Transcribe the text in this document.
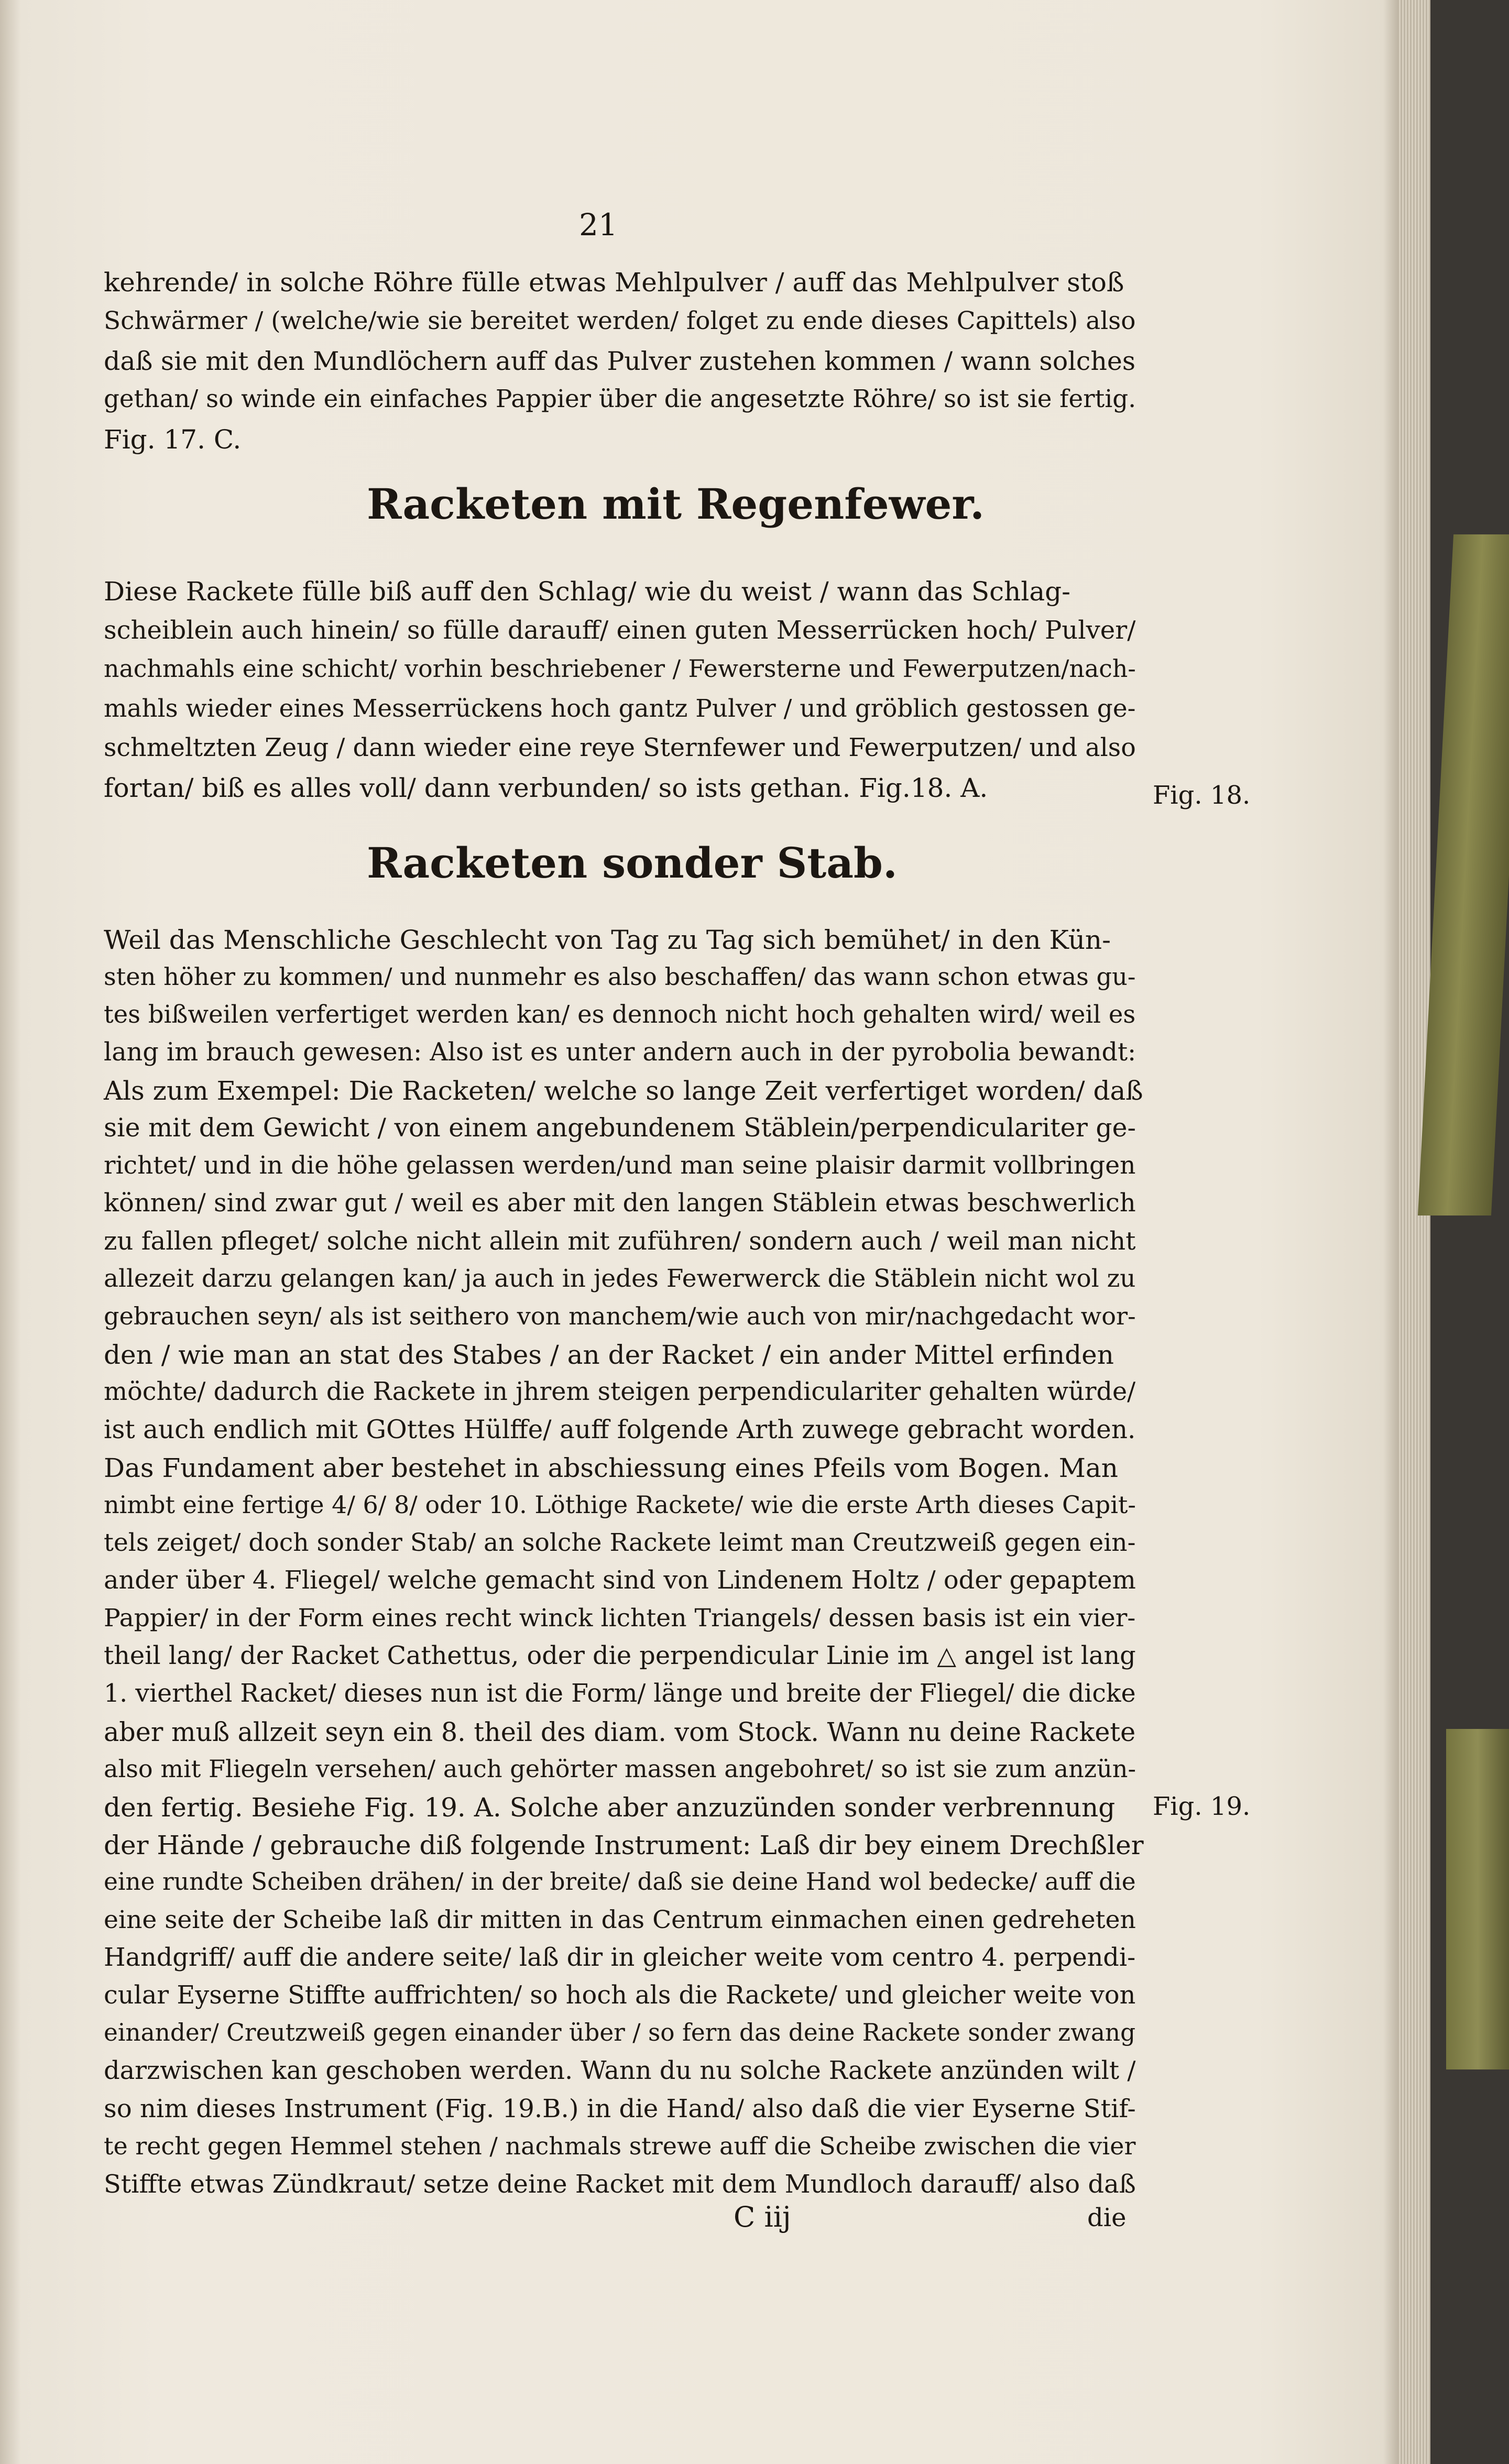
21
kehrende/ in solche Röhre fülle etwas Mehlpulver / auff das Mehlpulver stoß
Schwärmer / (welche/wie sie bereitet werden/ folget zu ende dieses Capittels) also
daß sie mit den Mundlöchern auff das Pulver zustehen kommen / wann solches
gethan/ so winde ein einfaches Pappier über die angesetzte Röhre/ so ist sie fertig.
Fig. 17. C.
Racketen mit Regenfewer.
Diese Rackete fülle biß auff den Schlag/ wie du weist / wann das Schlag-
scheiblein auch hinein/ so fülle darauff/ einen guten Messerrücken hoch/ Pulver/
nachmahls eine schicht/ vorhin beschriebener / Fewersterne und Fewerputzen/nach-
mahls wieder eines Messerrückens hoch gantz Pulver / und gröblich gestossen ge-
schmeltzten Zeug / dann wieder eine reye Sternfewer und Fewerputzen/ und also
fortan/ biß es alles voll/ dann verbunden/ so ists gethan. Fig.18. A.
Racketen sonder Stab.
Weil das Menschliche Geschlecht von Tag zu Tag sich bemühet/ in den Kün-
sten höher zu kommen/ und nunmehr es also beschaffen/ das wann schon etwas gu-
tes bißweilen verfertiget werden kan/ es dennoch nicht hoch gehalten wird/ weil es
lang im brauch gewesen: Also ist es unter andern auch in der pyrobolia bewandt:
Als zum Exempel: Die Racketen/ welche so lange Zeit verfertiget worden/ daß
sie mit dem Gewicht / von einem angebundenem Stäblein/perpendiculariter ge-
richtet/ und in die höhe gelassen werden/und man seine plaisir darmit vollbringen
können/ sind zwar gut / weil es aber mit den langen Stäblein etwas beschwerlich
zu fallen pfleget/ solche nicht allein mit zuführen/ sondern auch / weil man nicht
allezeit darzu gelangen kan/ ja auch in jedes Fewerwerck die Stäblein nicht wol zu
gebrauchen seyn/ als ist seithero von manchem/wie auch von mir/nachgedacht wor-
den / wie man an stat des Stabes / an der Racket / ein ander Mittel erfinden
möchte/ dadurch die Rackete in jhrem steigen perpendiculariter gehalten würde/
ist auch endlich mit GOttes Hülffe/ auff folgende Arth zuwege gebracht worden.
Das Fundament aber bestehet in abschiessung eines Pfeils vom Bogen. Man
nimbt eine fertige 4/ 6/ 8/ oder 10. Löthige Rackete/ wie die erste Arth dieses Capit-
tels zeiget/ doch sonder Stab/ an solche Rackete leimt man Creutzweiß gegen ein-
ander über 4. Fliegel/ welche gemacht sind von Lindenem Holtz / oder gepaptem
Pappier/ in der Form eines recht winck lichten Triangels/ dessen basis ist ein vier-
theil lang/ der Racket Cathettus, oder die perpendicular Linie im △ angel ist lang
1. vierthel Racket/ dieses nun ist die Form/ länge und breite der Fliegel/ die dicke
aber muß allzeit seyn ein 8. theil des diam. vom Stock. Wann nu deine Rackete
also mit Fliegeln versehen/ auch gehörter massen angebohret/ so ist sie zum anzün-
den fertig. Besiehe Fig. 19. A. Solche aber anzuzünden sonder verbrennung
der Hände / gebrauche diß folgende Instrument: Laß dir bey einem Drechßler
eine rundte Scheiben drähen/ in der breite/ daß sie deine Hand wol bedecke/ auff die
eine seite der Scheibe laß dir mitten in das Centrum einmachen einen gedreheten
Handgriff/ auff die andere seite/ laß dir in gleicher weite vom centro 4. perpendi-
cular Eyserne Stiffte auffrichten/ so hoch als die Rackete/ und gleicher weite von
einander/ Creutzweiß gegen einander über / so fern das deine Rackete sonder zwang
darzwischen kan geschoben werden. Wann du nu solche Rackete anzünden wilt /
so nim dieses Instrument (Fig. 19.B.) in die Hand/ also daß die vier Eyserne Stif-
te recht gegen Hemmel stehen / nachmals strewe auff die Scheibe zwischen die vier
Stiffte etwas Zündkraut/ setze deine Racket mit dem Mundloch darauff/ also daß
C iij	die
Fig. 18.
Fig. 19.
